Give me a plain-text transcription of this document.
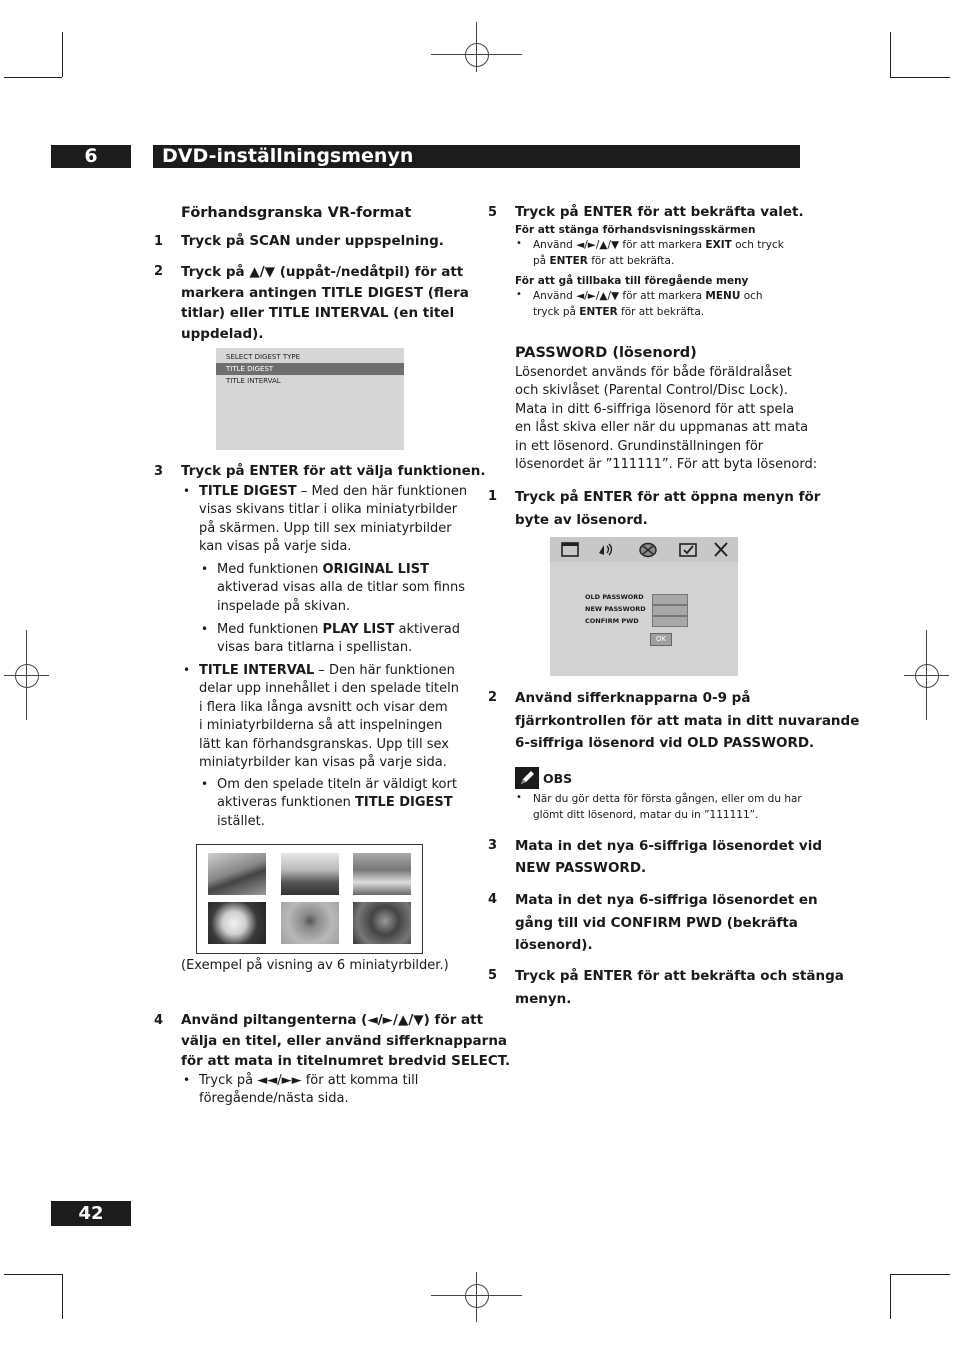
6	DVD-inställningsmenyn
Förhandsgranska VR-format
1 Tryck på SCAN under uppspelning.
2 Tryck på ▲/▼ (uppåt-/nedåtpil) för att
markera antingen TITLE DIGEST (flera
titlar) eller TITLE INTERVAL (en titel
uppdelad).
SELECT DIGEST TYPE
TITLE DIGEST
TITLE INTERVAL
3 Tryck på ENTER för att välja funktionen.
• TITLE DIGEST – Med den här funktionen
visas skivans titlar i olika miniatyrbilder
på skärmen. Upp till sex miniatyrbilder
kan visas på varje sida.
• Med funktionen ORIGINAL LIST
aktiverad visas alla de titlar som finns
inspelade på skivan.
• Med funktionen PLAY LIST aktiverad
visas bara titlarna i spellistan.
• TITLE INTERVAL – Den här funktionen
delar upp innehållet i den spelade titeln
i flera lika långa avsnitt och visar dem
i miniatyrbilderna så att inspelningen
lätt kan förhandsgranskas. Upp till sex
miniatyrbilder kan visas på varje sida.
• Om den spelade titeln är väldigt kort
aktiveras funktionen TITLE DIGEST
istället.
(Exempel på visning av 6 miniatyrbilder.)
4 Använd piltangenterna (◄/►/▲/▼) för att
välja en titel, eller använd sifferknapparna
för att mata in titelnumret bredvid SELECT.
• Tryck på ◄◄/►► för att komma till
föregående/nästa sida.
5 Tryck på ENTER för att bekräfta valet.
För att stänga förhandsvisningsskärmen
• Använd ◄/►/▲/▼ för att markera EXIT och tryck
på ENTER för att bekräfta.
För att gå tillbaka till föregående meny
• Använd ◄/►/▲/▼ för att markera MENU och
tryck på ENTER för att bekräfta.
PASSWORD (lösenord)
Lösenordet används för både föräldralåset
och skivlåset (Parental Control/Disc Lock).
Mata in ditt 6-siffriga lösenord för att spela
en låst skiva eller när du uppmanas att mata
in ett lösenord. Grundinställningen för
lösenordet är ”111111”. För att byta lösenord:
1 Tryck på ENTER för att öppna menyn för
byte av lösenord.
OLD PASSWORD
NEW PASSWORD
CONFIRM PWD
OK
2 Använd sifferknapparna 0-9 på
fjärrkontrollen för att mata in ditt nuvarande
6-siffriga lösenord vid OLD PASSWORD.
OBS
• När du gör detta för första gången, eller om du har
glömt ditt lösenord, matar du in ”111111”.
3 Mata in det nya 6-siffriga lösenordet vid
NEW PASSWORD.
4 Mata in det nya 6-siffriga lösenordet en
gång till vid CONFIRM PWD (bekräfta
lösenord).
5 Tryck på ENTER för att bekräfta och stänga
menyn.
42
